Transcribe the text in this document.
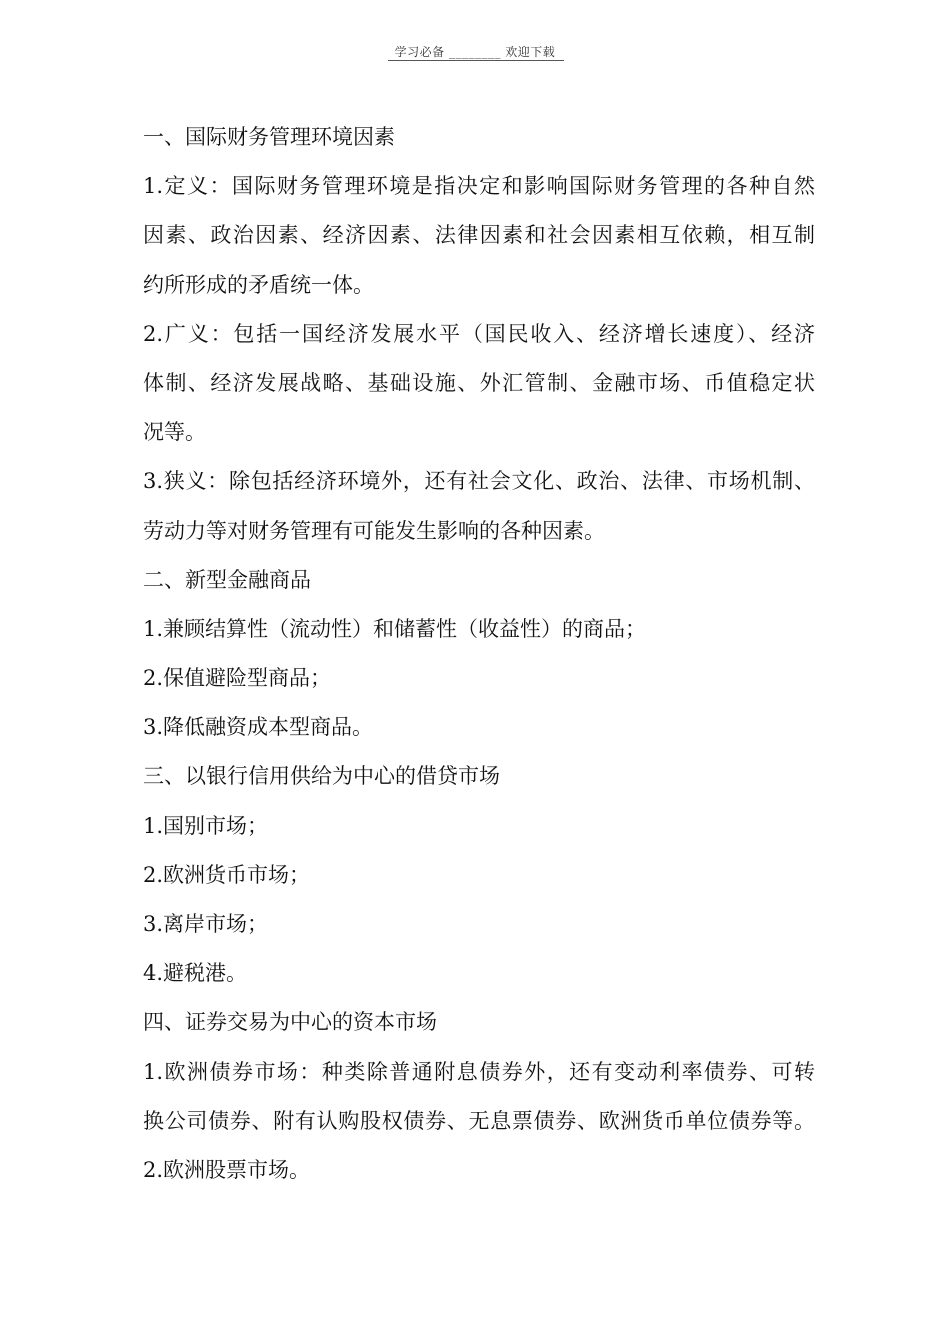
学习必备 ________ 欢迎下载
一、国际财务管理环境因素
1.定义：国际财务管理环境是指决定和影响国际财务管理的各种自然
因素、政治因素、经济因素、法律因素和社会因素相互依赖，相互制
约所形成的矛盾统一体。
2.广义：包括一国经济发展水平（国民收入、经济增长速度）、经济
体制、经济发展战略、基础设施、外汇管制、金融市场、币值稳定状
况等。
3.狭义：除包括经济环境外，还有社会文化、政治、法律、市场机制、
劳动力等对财务管理有可能发生影响的各种因素。
二、新型金融商品
1.兼顾结算性（流动性）和储蓄性（收益性）的商品；
2.保值避险型商品；
3.降低融资成本型商品。
三、以银行信用供给为中心的借贷市场
1.国别市场；
2.欧洲货币市场；
3.离岸市场；
4.避税港。
四、证券交易为中心的资本市场
1.欧洲债券市场：种类除普通附息债券外，还有变动利率债券、可转
换公司债券、附有认购股权债券、无息票债券、欧洲货币单位债券等。
2.欧洲股票市场。
